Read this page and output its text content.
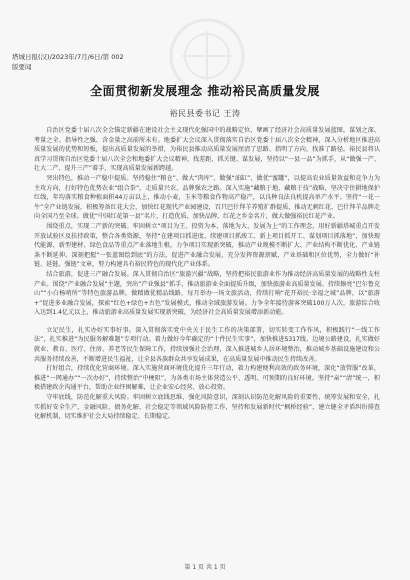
塔城日报(汉)/2023年/7月/6日/第 002
版要闻
全面贯彻新发展理念 推动裕民高质量发展
裕民县委书记 王涛

自治区党委十届八次全会锚定新疆在建设社会主义现代化强国中的战略定位，擘画了经济社会高质量发展蓝图，谋划之深、考量之全、指导性之强、含金量之高前所未有。地委扩大会议深入贯彻落实自治区党委十届八次全会精神，深入分析地区推进高质量发展的优势和短板，提出高质量发展的举措，为裕民县推动高质量发展厘清了思路、指明了方向、找准了路径。裕民县将认真学习贯彻自治区党委十届八次全会和地委扩大会议精神，找差距、抓关键、谋发展，坚持以“一县一品”为抓手，从“做强一产、壮大二产、提升三产”着手，实现高质量发展新跨越。

突出特色，推动一产稳中提质。坚持稳住“粮仓”、做大“肉库”、做强“油缸”、做优“蜜罐”，以提高农业质量效益和竞争力为主攻方向，打好特色优势农业“组合拳”，走质量兴农、品牌强农之路。深入实施“藏粮于地、藏粮于技”战略，坚决守住耕地保护红线，年均落实粮食种植面积44万亩以上，推动小麦、玉米等粮食作物高产稳产，以良种良法良机提高单产水平。坚持“一花一牛”全产业链发展，积极筹备红花大会，加快红花现代产业园建设，百只巴什拜羊养殖扩群提质，推动无刺红花、巴什拜羊品牌走向全国乃至全球。做优“中国红花第一县”名片，打造优质、加快品牌、红花之乡金名片，做大做强裕民红花产业。

围绕重点，实现二产新的突破。牢固树立“项目为王、投资为本、落地为大、发展为上”的工作理念，用好新疆塔城重点开发开放试验区及扶持政策，整合各类资源，坚持“在建项目抓进度、续建项目抓竣工、新上项目抓开工、谋划项目抓落地”，加快现代能源、新型建材、绿色食品等重点产业落地生根，力争项目实现新突破，推动产业规模不断扩大、产业结构不断优化、产业链条不断延伸。深刻把握“一张蓝图绘到底”的方法，促进产业融合发展，充分发挥资源禀赋、产业基础和区位优势，全力做好“补链、延链、强链”文章，努力构建具有裕民特色的现代化产业体系。

结合旅游，促进三产融合发展。深入贯彻自治区“旅游兴疆”战略，坚持把裕民旅游业作为推动经济高质量发展的战略性支柱产业。围绕“产业融合发展”主题，突出“产业强县”抓手，推动旅游业全面提质升级，加快旅游业高质量发展。持续擦亮“巴尔鲁克山”“小白杨哨所”等特色旅游品牌，做精做优精品线路，每月举办一场文旅活动，持续打响“花开裕民·幸福之城”品牌，以“旅游+”促进多业融合发展，探索“红色+绿色+古色”发展模式，推动全域旅游发展。力争全年接待游客突破100万人次，旅游综合收入达到1.4亿元以上，推动旅游业高质量发展实现新突破，为经济社会高质量发展增添新动能。

立足民生，扎实办好实事好事。深入贯彻落实党中央关于民生工作的决策部署，切实转变工作作风，积极践行“一线工作法”，扎实推进“为民服务解难题”专项行动。着力做好今年确定的“十件民生实事”，加快推进S317线、边境公路建设，扎实做好就业、教育、医疗、住房、养老等民生保障工作，持续加强社会治理，深入推进城乡人居环境整治，推动城乡基础设施建设和公共服务持续改善，不断增进民生福祉，让全县各族群众共享发展成果，在高质量发展中推动民生持续改善。

打好组合，持续优化营商环境。深入实施营商环境优化提升三年行动，着力构建便利高效的政务环境，深化“放管服”改革，推进“一网通办”“一次办好”，持续整治“中梗阻”，为各类市场主体营造公平、透明、可预期的良好环境。坚持“亲”“清”统一，积极搭建政企沟通平台，帮助企业纾困解难，让企业安心经营、放心投资。

守牢底线，防范化解重大风险。牢固树立底线思维，强化风险意识，深刻认识防范化解风险的重要性，统筹发展和安全，扎实抓好安全生产、金融风险、债务化解、社会稳定等领域风险防控工作，坚持和发展新时代“枫桥经验”，建立健全矛盾纠纷排查化解机制，切实维护社会大局持续稳定、长期稳定。

第 1 页 共 1 页
